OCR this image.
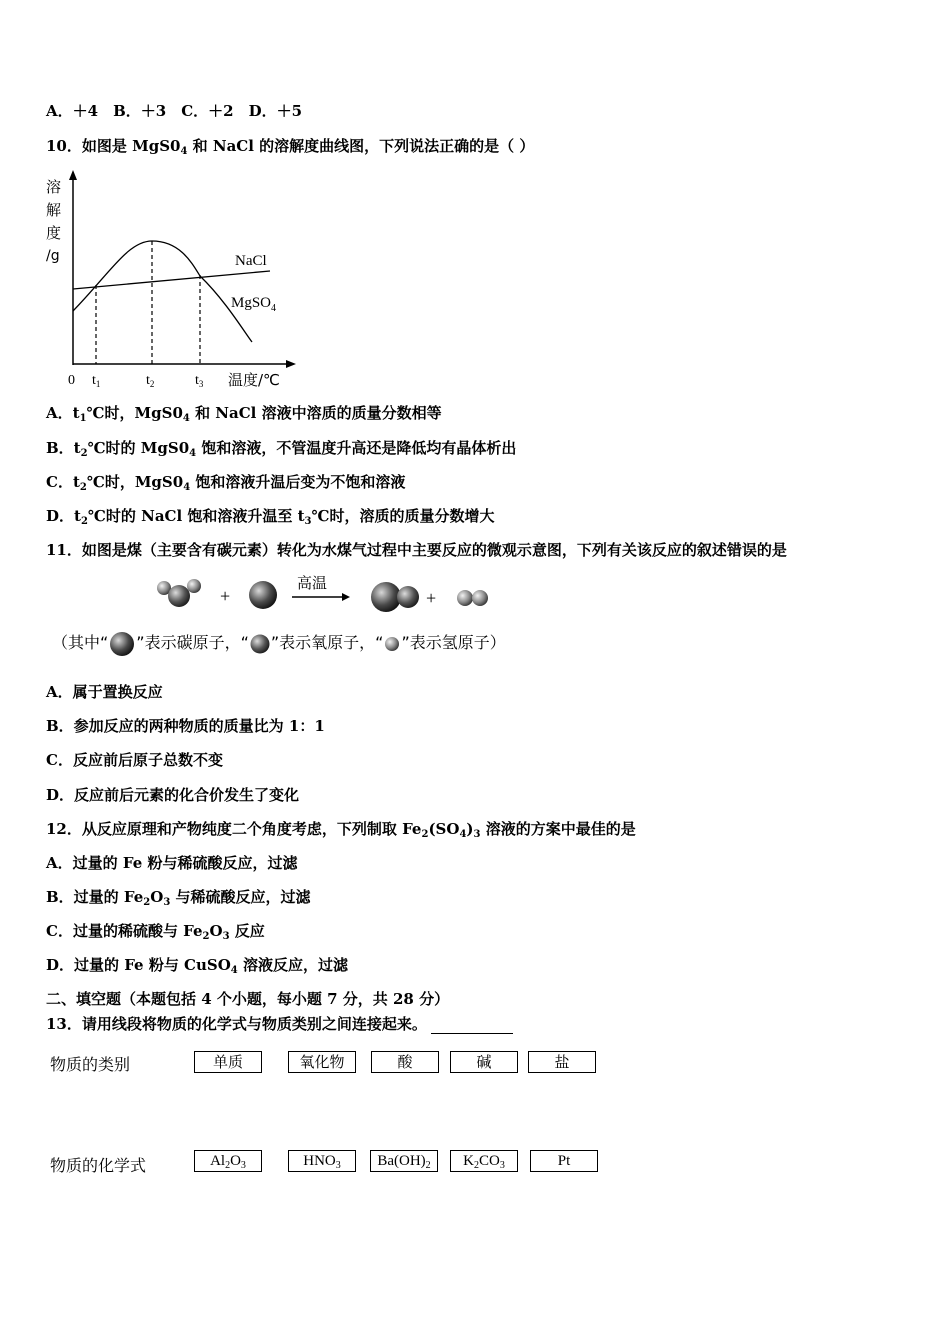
A．＋4　B．＋3　C．＋2　D．＋5
10．如图是 $MgS0_4$ 和 NaCl 的溶解度曲线图，下列说法正确的是（ ）
溶
解
度
/g	NaCl
MgSO$_4$
0 $t_1$	$t_2$	$t_3$ 温度/℃
A．$t_1℃$时，$MgS0_4$ 和 NaCl 溶液中溶质的质量分数相等
B．$t_2℃$时的 $MgS0_4$ 饱和溶液，不管温度升高还是降低均有晶体析出
C．$t_2℃$时，$MgS0_4$ 饱和溶液升温后变为不饱和溶液
D．$t_2℃$时的 NaCl 饱和溶液升温至 $t_3℃$时，溶质的质量分数增大
11．如图是煤（主要含有碳元素）转化为水煤气过程中主要反应的微观示意图，下列有关该反应的叙述错误的是
+
高温
+
（其中“ ”表示碳原子，“ ”表示氧原子，“ ”表示氢原子）
A．属于置换反应
B．参加反应的两种物质的质量比为 1：1
C．反应前后原子总数不变
D．反应前后元素的化合价发生了变化
12．从反应原理和产物纯度二个角度考虑，下列制取 $Fe_2(SO_4)_3$ 溶液的方案中最佳的是
A．过量的 Fe 粉与稀硫酸反应，过滤
B．过量的 $Fe_2O_3$ 与稀硫酸反应，过滤
C．过量的稀硫酸与 $Fe_2O_3$ 反应
D．过量的 Fe 粉与 CuSO$_4$ 溶液反应，过滤
二、填空题（本题包括 4 个小题，每小题 7 分，共 28 分）
13．请用线段将物质的化学式与物质类别之间连接起来。
物质的类别	单质	氧化物	酸	碱	盐
物质的化学式	$Al_2O_3$	$HNO_3$	$Ba(OH)_2$	$K_2CO_3$	Pt
